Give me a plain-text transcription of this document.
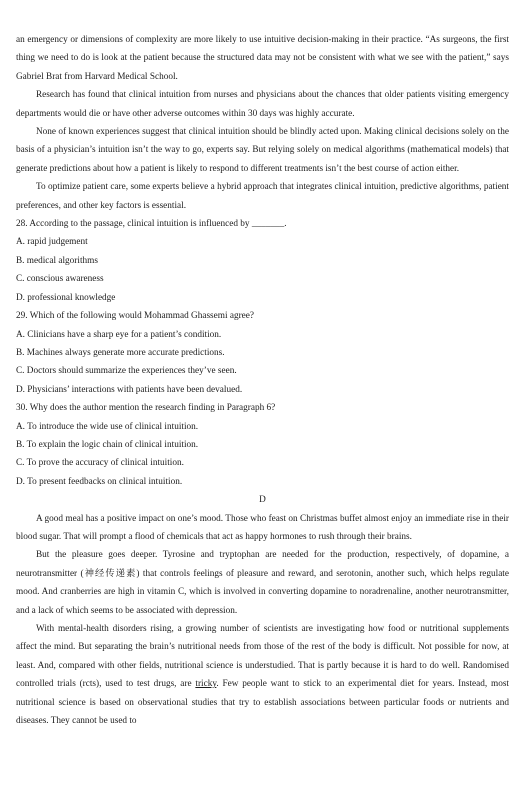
an emergency or dimensions of complexity are more likely to use intuitive decision-making in their practice. “As surgeons, the first thing we need to do is look at the patient because the structured data may not be consistent with what we see with the patient,” says Gabriel Brat from Harvard Medical School.

Research has found that clinical intuition from nurses and physicians about the chances that older patients visiting emergency departments would die or have other adverse outcomes within 30 days was highly accurate.

None of known experiences suggest that clinical intuition should be blindly acted upon. Making clinical decisions solely on the basis of a physician’s intuition isn’t the way to go, experts say. But relying solely on medical algorithms (mathematical models) that generate predictions about how a patient is likely to respond to different treatments isn’t the best course of action either.

To optimize patient care, some experts believe a hybrid approach that integrates clinical intuition, predictive algorithms, patient preferences, and other key factors is essential.

28. According to the passage, clinical intuition is influenced by _______.

A. rapid judgement

B. medical algorithms

C. conscious awareness

D. professional knowledge

29. Which of the following would Mohammad Ghassemi agree?

A. Clinicians have a sharp eye for a patient’s condition.

B. Machines always generate more accurate predictions.

C. Doctors should summarize the experiences they’ve seen.

D. Physicians’ interactions with patients have been devalued.

30. Why does the author mention the research finding in Paragraph 6?

A. To introduce the wide use of clinical intuition.

B. To explain the logic chain of clinical intuition.

C. To prove the accuracy of clinical intuition.

D. To present feedbacks on clinical intuition.

D

A good meal has a positive impact on one’s mood. Those who feast on Christmas buffet almost enjoy an immediate rise in their blood sugar. That will prompt a flood of chemicals that act as happy hormones to rush through their brains.

But the pleasure goes deeper. Tyrosine and tryptophan are needed for the production, respectively, of dopamine, a neurotransmitter (神经传递素) that controls feelings of pleasure and reward, and serotonin, another such, which helps regulate mood. And cranberries are high in vitamin C, which is involved in converting dopamine to noradrenaline, another neurotransmitter, and a lack of which seems to be associated with depression.

With mental-health disorders rising, a growing number of scientists are investigating how food or nutritional supplements affect the mind. But separating the brain’s nutritional needs from those of the rest of the body is difficult. Not possible for now, at least. And, compared with other fields, nutritional science is understudied. That is partly because it is hard to do well. Randomised controlled trials (rcts), used to test drugs, are tricky. Few people want to stick to an experimental diet for years. Instead, most nutritional science is based on observational studies that try to establish associations between particular foods or nutrients and diseases. They cannot be used to
